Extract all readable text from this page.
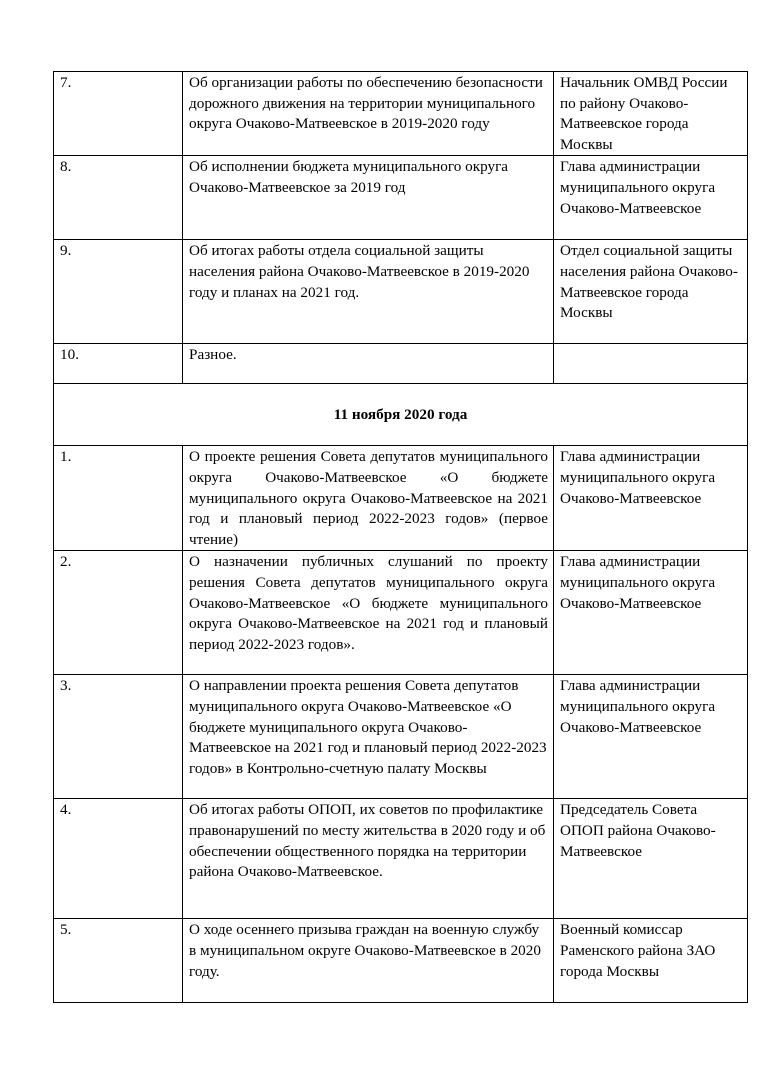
7.	Об организации работы по обеспечению безопасности дорожного движения на территории муниципального округа Очаково-Матвеевское в 2019-2020 году	Начальник ОМВД России по району Очаково-Матвеевское города Москвы
8.	Об исполнении бюджета муниципального округа Очаково-Матвеевское за 2019 год	Глава администрации муниципального округа Очаково-Матвеевское
9.	Об итогах работы отдела социальной защиты населения района Очаково-Матвеевское в 2019-2020 году и планах на 2021 год.	Отдел социальной защиты населения района Очаково-Матвеевское города Москвы
10.	Разное.	
11 ноября 2020 года		
1.	О проекте решения Совета депутатов муниципального округа Очаково-Матвеевское «О бюджете муниципального округа Очаково-Матвеевское на 2021 год и плановый период 2022-2023 годов» (первое чтение)	Глава администрации муниципального округа Очаково-Матвеевское
2.	О назначении публичных слушаний по проекту решения Совета депутатов муниципального округа Очаково-Матвеевское «О бюджете муниципального округа Очаково-Матвеевское на 2021 год и плановый период 2022-2023 годов».	Глава администрации муниципального округа Очаково-Матвеевское
3.	О направлении проекта решения Совета депутатов муниципального округа Очаково-Матвеевское «О бюджете муниципального округа Очаково-Матвеевское на 2021 год и плановый период 2022-2023 годов» в Контрольно-счетную палату Москвы	Глава администрации муниципального округа Очаково-Матвеевское
4.	Об итогах работы ОПОП, их советов по профилактике правонарушений по месту жительства в 2020 году и об обеспечении общественного порядка на территории района Очаково-Матвеевское.	Председатель Совета ОПОП района Очаково-Матвеевское
5.	О ходе осеннего призыва граждан на военную службу в муниципальном округе Очаково-Матвеевское в 2020 году.	Военный комиссар Раменского района ЗАО города Москвы
